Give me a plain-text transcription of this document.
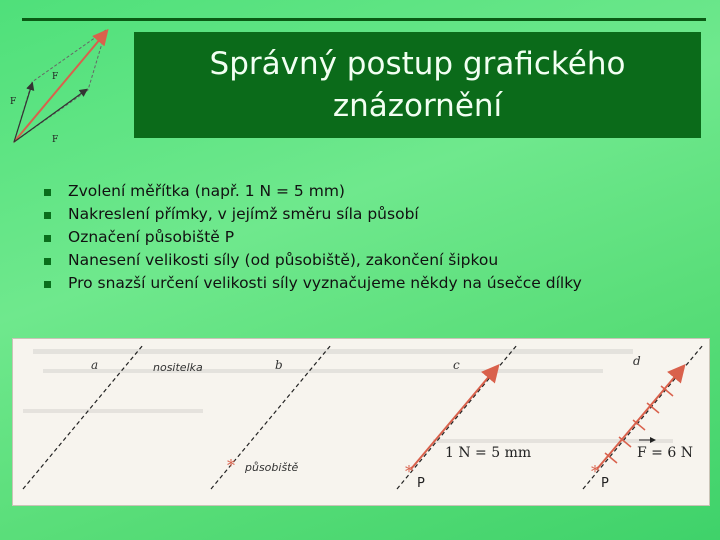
F
F
F
Správný postup grafického znázornění
Zvolení měřítka (např. 1 N = 5 mm)
Nakreslení přímky, v jejímž směru síla působí
Označení působiště P
Nanesení velikosti síly (od působiště), zakončení šipkou
Pro snazší určení velikosti síly vyznačujeme někdy na úsečce dílky
a	nositelka	b
* působiště
c
*
P
1 N = 5 mm
d
*
P
F = 6 N
